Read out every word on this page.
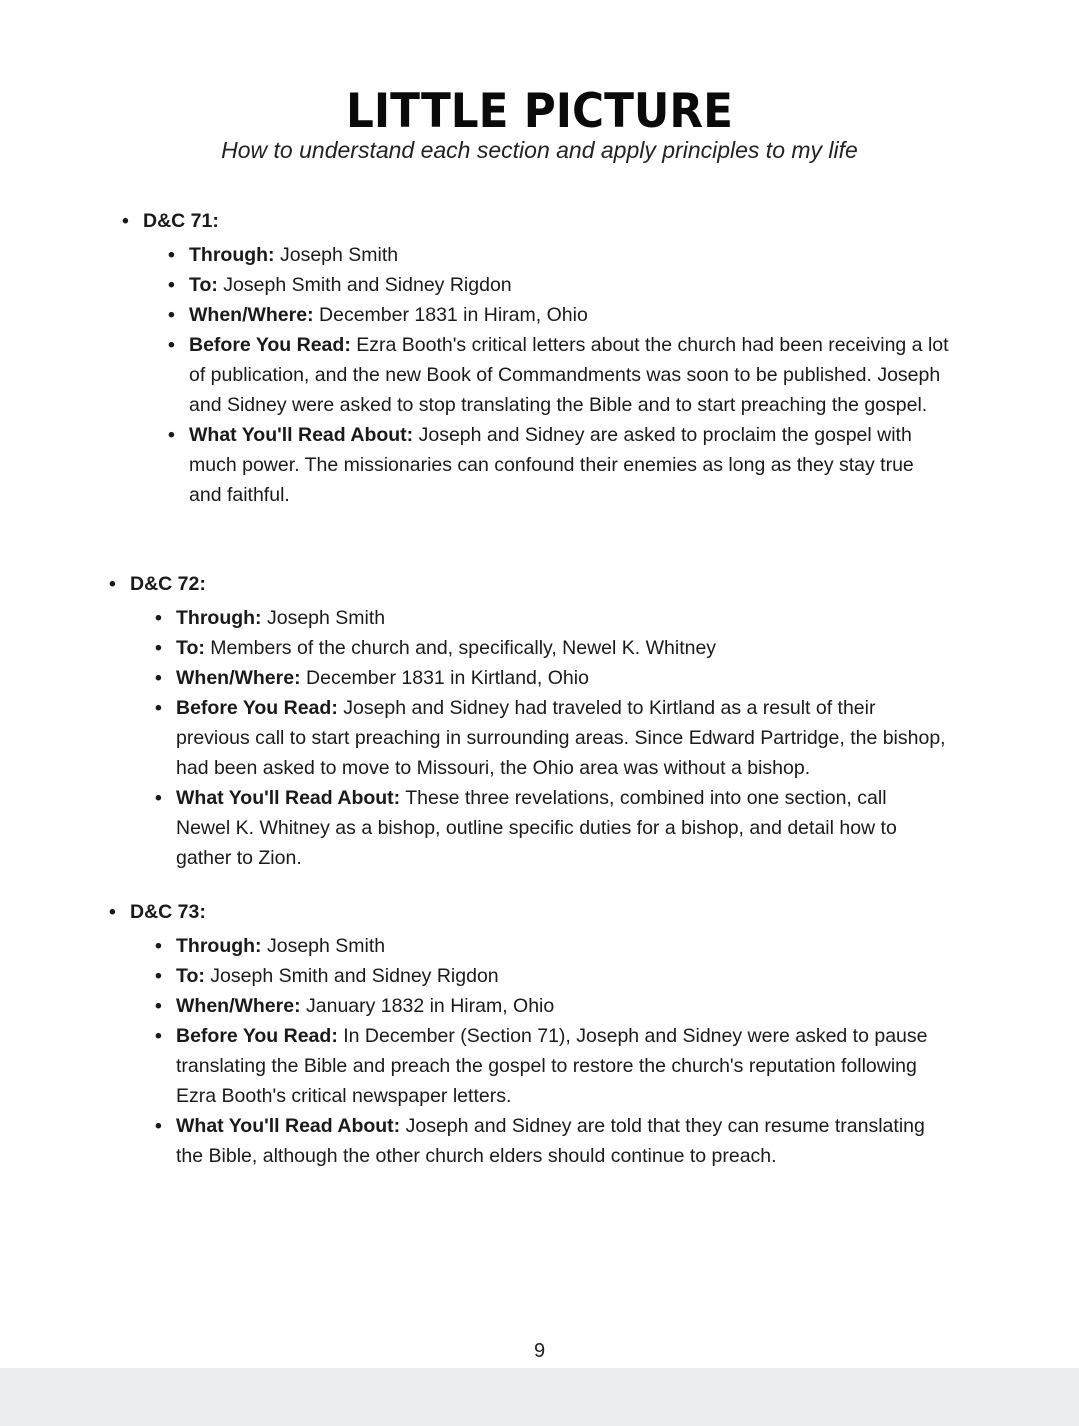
LITTLE PICTURE
How to understand each section and apply principles to my life
• D&C 71:
• Through: Joseph Smith
• To: Joseph Smith and Sidney Rigdon
• When/Where: December 1831 in Hiram, Ohio
• Before You Read: Ezra Booth's critical letters about the church had been receiving a lot of publication, and the new Book of Commandments was soon to be published. Joseph and Sidney were asked to stop translating the Bible and to start preaching the gospel.
• What You'll Read About: Joseph and Sidney are asked to proclaim the gospel with much power. The missionaries can confound their enemies as long as they stay true and faithful.
• D&C 72:
• Through: Joseph Smith
• To: Members of the church and, specifically, Newel K. Whitney
• When/Where: December 1831 in Kirtland, Ohio
• Before You Read: Joseph and Sidney had traveled to Kirtland as a result of their previous call to start preaching in surrounding areas. Since Edward Partridge, the bishop, had been asked to move to Missouri, the Ohio area was without a bishop.
• What You'll Read About: These three revelations, combined into one section, call Newel K. Whitney as a bishop, outline specific duties for a bishop, and detail how to gather to Zion.
• D&C 73:
• Through: Joseph Smith
• To: Joseph Smith and Sidney Rigdon
• When/Where: January 1832 in Hiram, Ohio
• Before You Read: In December (Section 71), Joseph and Sidney were asked to pause translating the Bible and preach the gospel to restore the church's reputation following Ezra Booth's critical newspaper letters.
• What You'll Read About: Joseph and Sidney are told that they can resume translating the Bible, although the other church elders should continue to preach.
9
